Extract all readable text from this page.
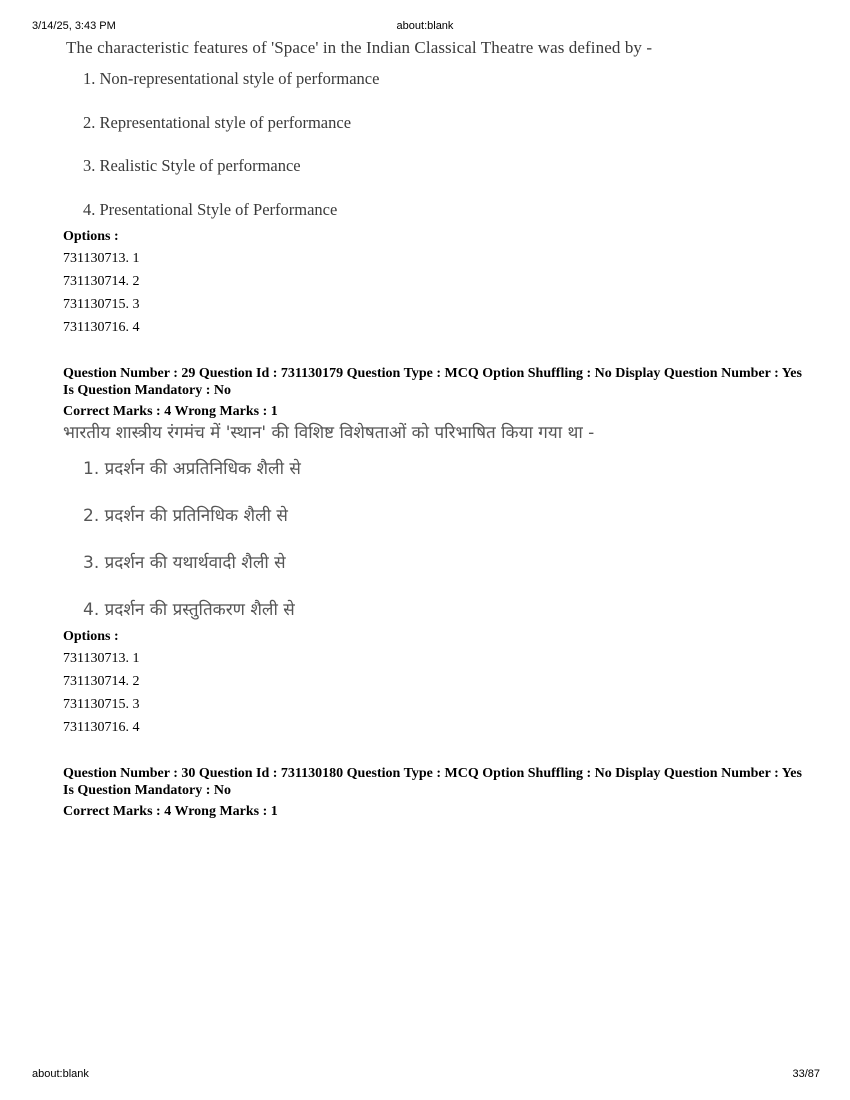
3/14/25, 3:43 PM	about:blank

The characteristic features of 'Space' in the Indian Classical Theatre was defined by -

1. Non-representational style of performance
2. Representational style of performance
3. Realistic Style of performance
4. Presentational Style of Performance
Options :
731130713. 1
731130714. 2
731130715. 3
731130716. 4
Question Number : 29 Question Id : 731130179 Question Type : MCQ Option Shuffling : No Display Question Number : Yes Is Question Mandatory : No
Correct Marks : 4 Wrong Marks : 1

भारतीय शास्त्रीय रंगमंच में 'स्थान' की विशिष्ट विशेषताओं को परिभाषित किया गया था -

1. प्रदर्शन की अप्रतिनिधिक शैली से
2. प्रदर्शन की प्रतिनिधिक शैली से
3. प्रदर्शन की यथार्थवादी शैली से
4. प्रदर्शन की प्रस्तुतिकरण शैली से
Options :
731130713. 1
731130714. 2
731130715. 3
731130716. 4
Question Number : 30 Question Id : 731130180 Question Type : MCQ Option Shuffling : No Display Question Number : Yes Is Question Mandatory : No
Correct Marks : 4 Wrong Marks : 1
about:blank	33/87
